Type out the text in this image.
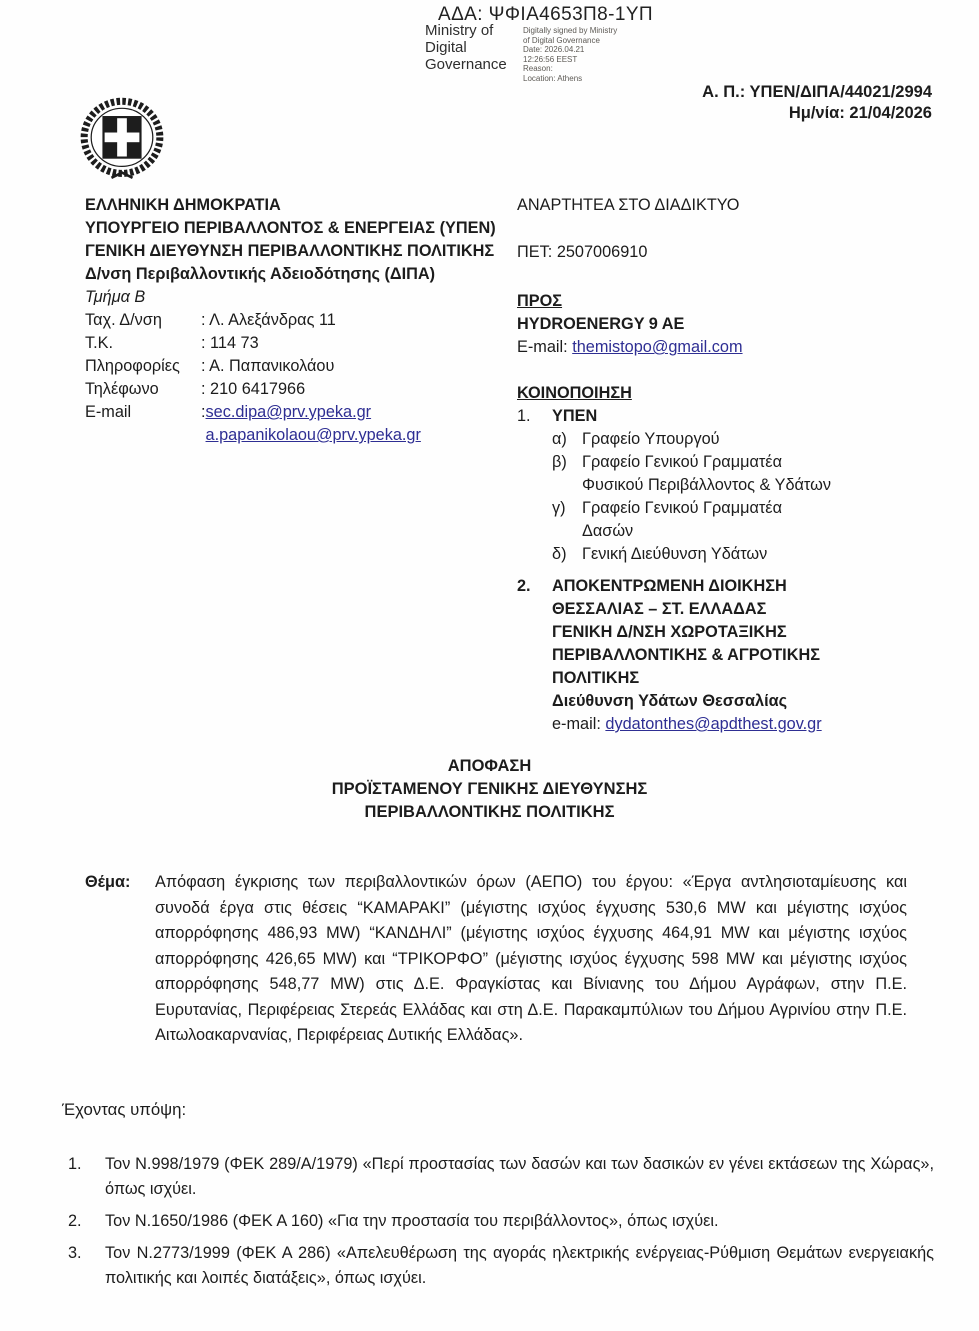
ΑΔΑ: ΨΦΙΑ4653Π8-1ΥΠ
Ministry of Digital Governance
Digitally signed by Ministry
of Digital Governance
Date: 2026.04.21
12:26:56 EEST
Reason:
Location: Athens
Α. Π.: ΥΠΕΝ/ΔΙΠΑ/44021/2994
Ημ/νία: 21/04/2026
ΕΛΛΗΝΙΚΗ ΔΗΜΟΚΡΑΤΙΑ
ΥΠΟΥΡΓΕΙΟ ΠΕΡΙΒΑΛΛΟΝΤΟΣ & ΕΝΕΡΓΕΙΑΣ (ΥΠΕΝ)
ΓΕΝΙΚΗ ΔΙΕΥΘΥΝΣΗ ΠΕΡΙΒΑΛΛΟΝΤΙΚΗΣ ΠΟΛΙΤΙΚΗΣ
Δ/νση Περιβαλλοντικής Αδειοδότησης (ΔΙΠΑ)
Τμήμα Β
Ταχ. Δ/νση	: Λ. Αλεξάνδρας 11
Τ.Κ.	: 114 73
Πληροφορίες	: Α. Παπανικολάου
Τηλέφωνο	: 210 6417966
E-mail	: sec.dipa@prv.ypeka.gr
a.papanikolaou@prv.ypeka.gr
ΑΝΑΡΤΗΤΕΑ ΣΤΟ ΔΙΑΔΙΚΤΥΟ
ΠΕΤ: 2507006910
ΠΡΟΣ
HYDROENERGY 9 AE
E-mail: themistopo@gmail.com
ΚΟΙΝΟΠΟΙΗΣΗ
1.	ΥΠΕΝ
α) Γραφείο Υπουργού
β) Γραφείο Γενικού Γραμματέα Φυσικού Περιβάλλοντος & Υδάτων
γ)	Γραφείο Γενικού Γραμματέα Δασών
δ) Γενική Διεύθυνση Υδάτων
2.	ΑΠΟΚΕΝΤΡΩΜΕΝΗ ΔΙΟΙΚΗΣΗ ΘΕΣΣΑΛΙΑΣ – ΣΤ. ΕΛΛΑΔΑΣ ΓΕΝΙΚΗ Δ/ΝΣΗ ΧΩΡΟΤΑΞΙΚΗΣ ΠΕΡΙΒΑΛΛΟΝΤΙΚΗΣ & ΑΓΡΟΤΙΚΗΣ ΠΟΛΙΤΙΚΗΣ
Διεύθυνση Υδάτων Θεσσαλίας
e-mail: dydatonthes@apdthest.gov.gr
ΑΠΟΦΑΣΗ
ΠΡΟΪΣΤΑΜΕΝΟΥ ΓΕΝΙΚΗΣ ΔΙΕΥΘΥΝΣΗΣ
ΠΕΡΙΒΑΛΛΟΝΤΙΚΗΣ ΠΟΛΙΤΙΚΗΣ
Θέμα:	Απόφαση έγκρισης των περιβαλλοντικών όρων (ΑΕΠΟ) του έργου: «Έργα αντλησιοταμίευσης και συνοδά έργα στις θέσεις “ΚΑΜΑΡΑΚΙ” (μέγιστης ισχύος έγχυσης 530,6 MW και μέγιστης ισχύος απορρόφησης 486,93 MW) “ΚΑΝΔΗΛΙ” (μέγιστης ισχύος έγχυσης 464,91 MW και μέγιστης ισχύος απορρόφησης 426,65 MW) και “ΤΡΙΚΟΡΦΟ” (μέγιστης ισχύος έγχυσης 598 MW και μέγιστης ισχύος απορρόφησης 548,77 MW) στις Δ.Ε. Φραγκίστας και Βίνιανης του Δήμου Αγράφων, στην Π.Ε. Ευρυτανίας, Περιφέρειας Στερεάς Ελλάδας και στη Δ.Ε. Παρακαμπύλιων του Δήμου Αγρινίου στην Π.Ε. Αιτωλοακαρνανίας, Περιφέρειας Δυτικής Ελλάδας».
Έχοντας υπόψη:
1.	Τον Ν.998/1979 (ΦΕΚ 289/Α/1979) «Περί προστασίας των δασών και των δασικών εν γένει εκτάσεων της Χώρας», όπως ισχύει.
2.	Τον Ν.1650/1986 (ΦΕΚ Α 160) «Για την προστασία του περιβάλλοντος», όπως ισχύει.
3.	Τον Ν.2773/1999 (ΦΕΚ Α 286) «Απελευθέρωση της αγοράς ηλεκτρικής ενέργειας-Ρύθμιση Θεμάτων ενεργειακής πολιτικής και λοιπές διατάξεις», όπως ισχύει.
